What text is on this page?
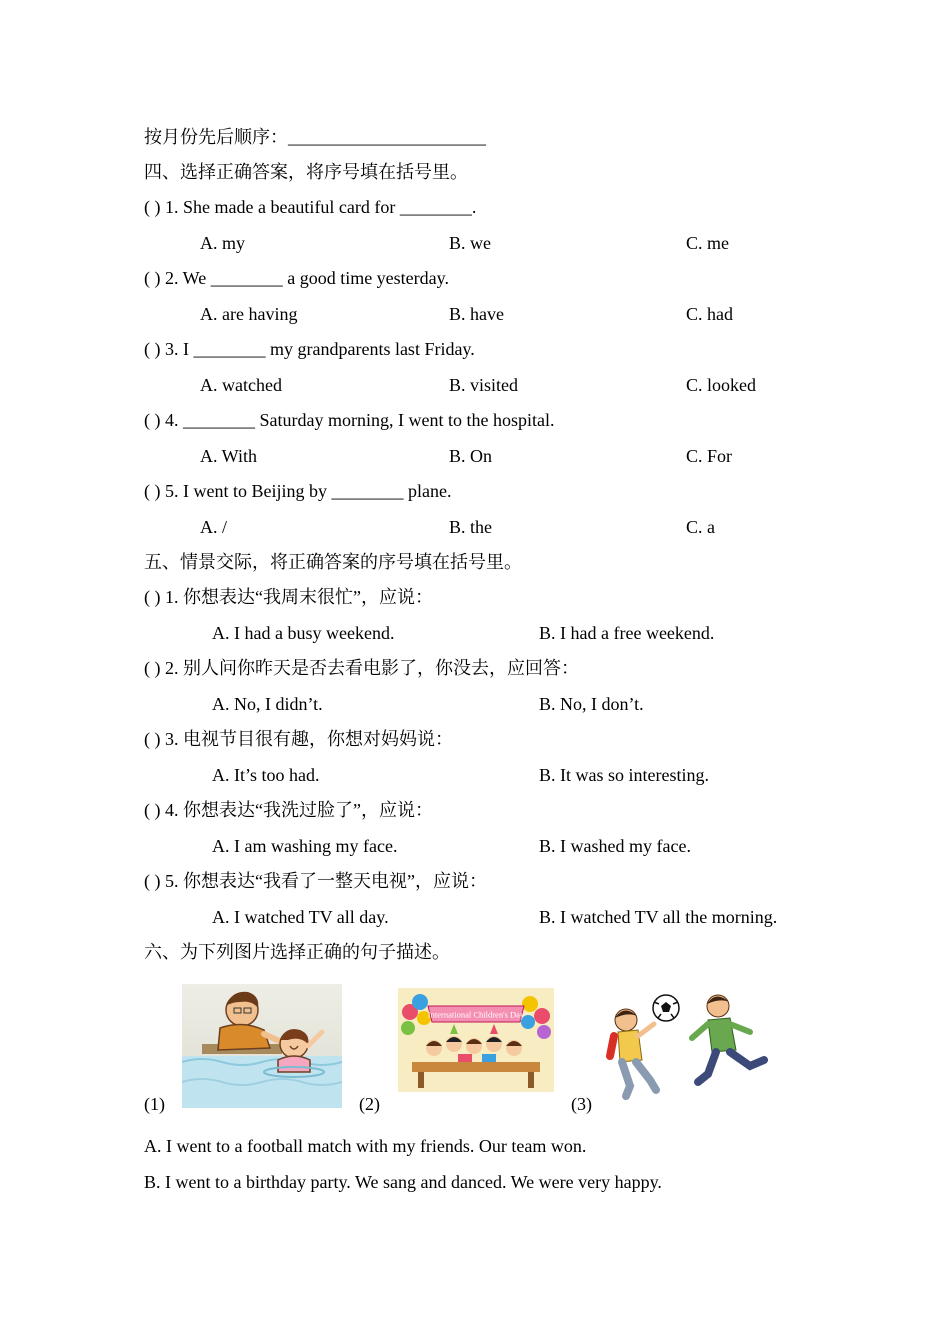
按月份先后顺序：______________________
四、选择正确答案，将序号填在括号里。
( ) 1. She made a beautiful card for ________.
A. my	B. we	C. me
( ) 2. We ________ a good time yesterday.
A. are having	B. have	C. had
( ) 3. I ________ my grandparents last Friday.
A. watched	B. visited	C. looked
( ) 4. ________ Saturday morning, I went to the hospital.
A. With	B. On	C. For
( ) 5. I went to Beijing by ________ plane.
A. /	B. the	C. a
五、情景交际，将正确答案的序号填在括号里。
( ) 1. 你想表达“我周末很忙”，应说：
A. I had a busy weekend.	B. I had a free weekend.
( ) 2. 别人问你昨天是否去看电影了，你没去，应回答：
A. No, I didn’t.	B. No, I don’t.
( ) 3. 电视节目很有趣，你想对妈妈说：
A. It’s too had.	B. It was so interesting.
( ) 4. 你想表达“我洗过脸了”，应说：
A. I am washing my face.	B. I washed my face.
( ) 5. 你想表达“我看了一整天电视”，应说：
A. I watched TV all day.	B. I watched TV all the morning.
六、为下列图片选择正确的句子描述。
(1)
International Children's Day
(2)	(3)
A. I went to a football match with my friends. Our team won.
B. I went to a birthday party. We sang and danced. We were very happy.
